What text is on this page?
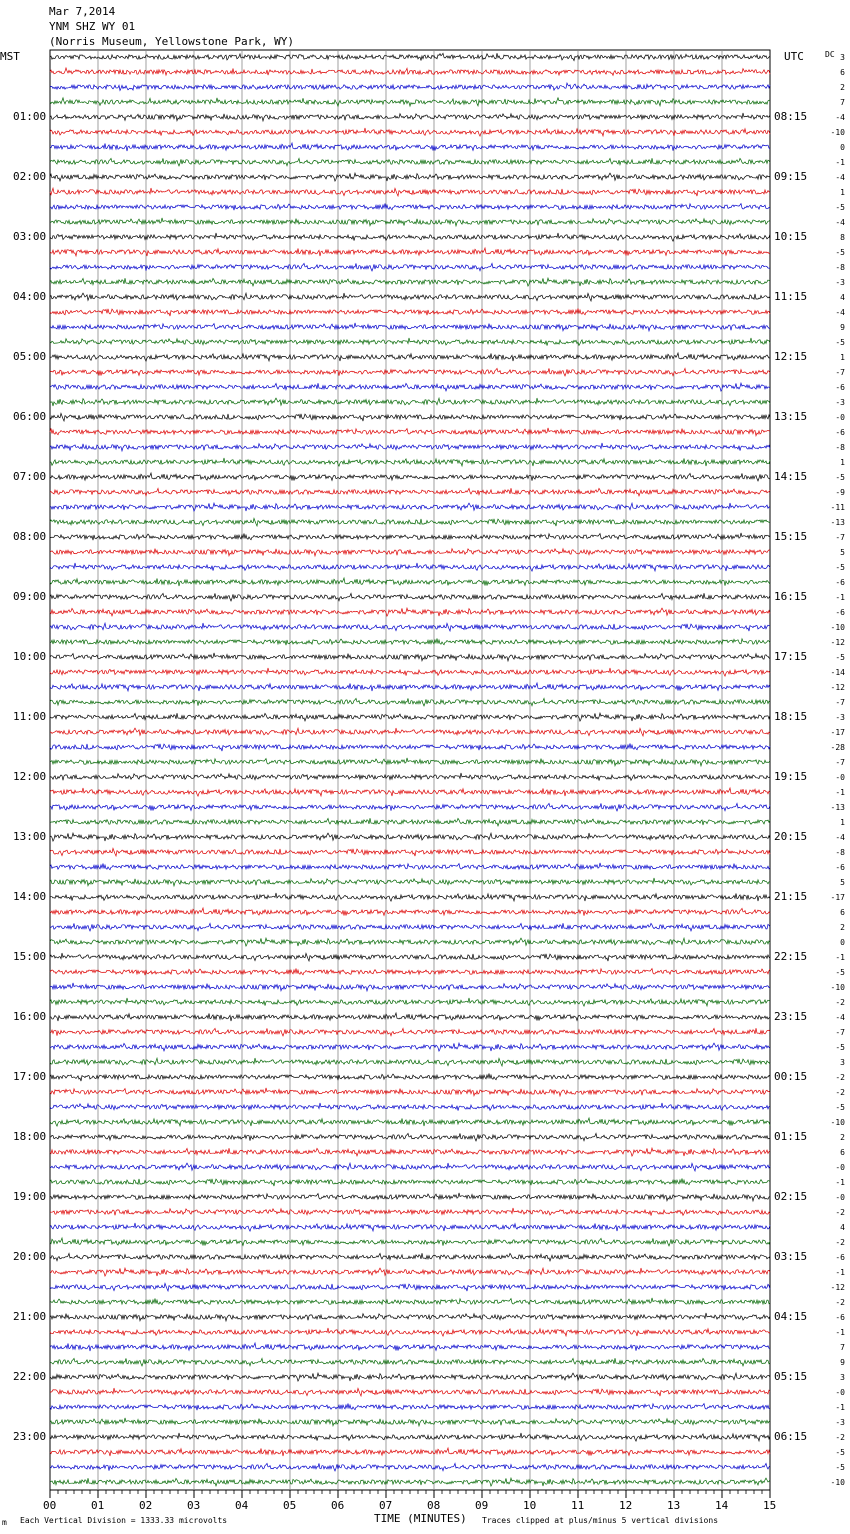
Mar 7,2014
YNM SHZ WY 01
(Norris Museum, Yellowstone Park, WY)
MST	UTC	DC
01:00
02:00
03:00
04:00
05:00
06:00
07:00
08:00
09:00
10:00
11:00
12:00
13:00
14:00
15:00
16:00
17:00
18:00
19:00
20:00
21:00
22:00
23:00
08:15
09:15
10:15
11:15
12:15
13:15
14:15
15:15
16:15
17:15
18:15
19:15
20:15
21:15
22:15
23:15
00:15
01:15
02:15
03:15
04:15
05:15
06:15
3
6
2
7
-4
-10
0
-1
-4
1
-5
-4
8
-5
-8
-3
4
-4
9
-5
1
-7
-6
-3
-0
-6
-8
1
-5
-9
-11
-13
-7
5
-5
-6
-1
-6
-10
-12
-5
-14
-12
-7
-3
-17
-28
-7
-0
-1
-13
1
-4
-8
-6
5
-17
6
2
0
-1
-5
-10
-2
-4
-7
-5
3
-2
-2
-5
-10
2
6
-0
-1
-0
-2
4
-2
-6
-1
-12
-2
-6
-1
7
9
3
-0
-1
-3
-2
-5
-5
-10
00	01	02	03	04	05	06	07	08	09	10	11	12	13	14	15
m Each Vertical Division = 1333.33 microvolts	TIME (MINUTES) Traces clipped at plus/minus 5 vertical divisions
